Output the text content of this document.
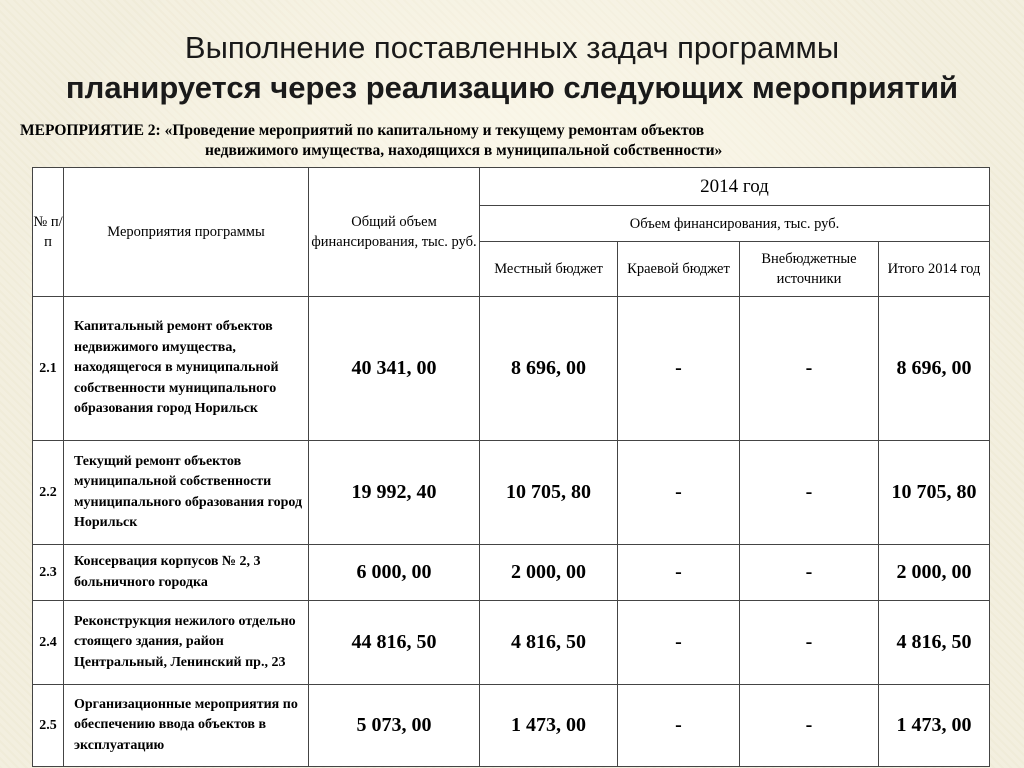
Выполнение поставленных задач программы
планируется через реализацию следующих мероприятий
МЕРОПРИЯТИЕ 2: «Проведение мероприятий по капитальному и текущему ремонтам объектов
недвижимого имущества, находящихся в муниципальной собственности»
№ п/п	Мероприятия программы	Общий объем финансирования, тыс. руб.	2014 год			
			Объем финансирования, тыс. руб.			
			Местный бюджет	Краевой бюджет	Внебюджетные источники	Итого 2014 год
2.1	Капитальный ремонт объектов недвижимого имущества, находящегося в муниципальной собственности муниципального образования город Норильск	40 341, 00	8 696, 00	-	-	8 696, 00
2.2	Текущий ремонт объектов муниципальной собственности муниципального образования город Норильск	19 992, 40	10 705, 80	-	-	10 705, 80
2.3	Консервация корпусов № 2, 3 больничного городка	6 000, 00	2 000, 00	-	-	2 000, 00
2.4	Реконструкция нежилого отдельно стоящего здания, район Центральный, Ленинский пр., 23	44 816, 50	4 816, 50	-	-	4 816, 50
2.5	Организационные мероприятия по обеспечению ввода объектов в эксплуатацию	5 073, 00	1 473, 00	-	-	1 473, 00
